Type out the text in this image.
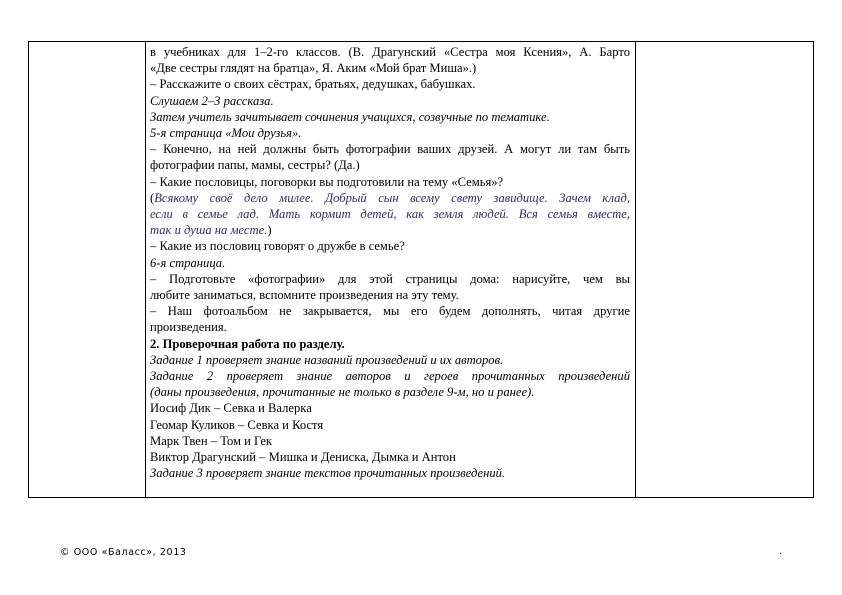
в учебниках для 1–2-го классов. (В. Драгунский «Сестра моя Ксения», А. Барто
«Две сестры глядят на братца», Я. Аким «Мой брат Миша».)
– Расскажите о своих сёстрах, братьях, дедушках, бабушках.
Слушаем 2–3 рассказа.
Затем учитель зачитывает сочинения учащихся, созвучные по тематике.
5-я страница «Мои друзья».
– Конечно, на ней должны быть фотографии ваших друзей. А могут ли там быть
фотографии папы, мамы, сестры? (Да.)
– Какие пословицы, поговорки вы подготовили на тему «Семья»?
(Всякому своё дело милее. Добрый сын всему свету завидище. Зачем клад,
если в семье лад. Мать кормит детей, как земля людей. Вся семья вместе,
так и душа на месте.)
– Какие из пословиц говорят о дружбе в семье?
6-я страница.
– Подготовьте «фотографии» для этой страницы дома: нарисуйте, чем вы
любите заниматься, вспомните произведения на эту тему.
– Наш фотоальбом не закрывается, мы его будем дополнять, читая другие
произведения.
2. Проверочная работа по разделу.
Задание 1 проверяет знание названий произведений и их авторов.
Задание 2 проверяет знание авторов и героев прочитанных произведений
(даны произведения, прочитанные не только в разделе 9-м, но и ранее).
Иосиф Дик – Севка и Валерка
Геомар Куликов – Севка и Костя
Марк Твен – Том и Гек
Виктор Драгунский – Мишка и Дениска, Дымка и Антон
Задание 3 проверяет знание текстов прочитанных произведений.
© ООО «Баласс», 2013	.
